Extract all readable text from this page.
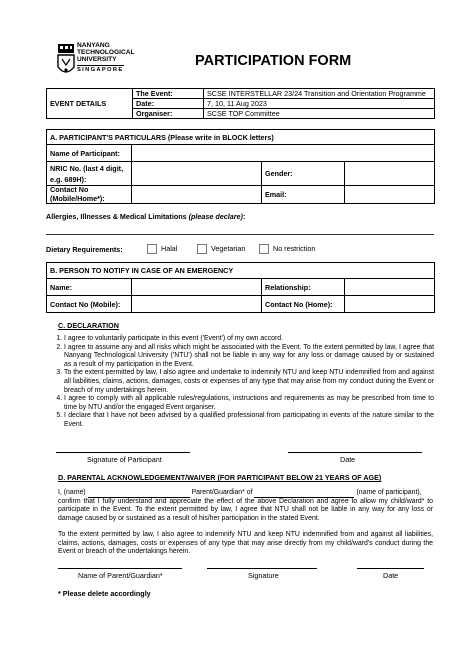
NANYANG
TECHNOLOGICAL
UNIVERSITY
SINGAPORE
PARTICIPATION FORM
EVENT DETAILS	The Event:	SCSE INTERSTELLAR 23/24 Transition and Orientation Programme
	Date:	7, 10, 11 Aug 2023
	Organiser:	SCSE TOP Committee
A. PARTICIPANT'S PARTICULARS (Please write in BLOCK letters)			
Name of Participant:			

NRIC No. (last 4 digit,
e.g. 689H):		Gender:	

Contact No
(Mobile/Home*):		Email:	
Allergies, Illnesses & Medical Limitations (please declare):
Dietary Requirements:	Halal	Vegetarian	No restriction
B. PERSON TO NOTIFY IN CASE OF AN EMERGENCY			
Name:		Relationship:	
Contact No (Mobile):		Contact No (Home):	
C. DECLARATION
1. I agree to voluntarily participate in this event ('Event') of my own accord.
2. I agree to assume any and all risks which might be associated with the Event. To the extent permitted by law, I agree that Nanyang Technological University ('NTU') shall not be liable in any way for any loss or damage caused by or sustained as a result of my participation in the Event.
3. To the extent permitted by law, I also agree and undertake to indemnify NTU and keep NTU indemnified from and against all liabilities, claims, actions, damages, costs or expenses of any type that may arise from my conduct during the Event or breach of my undertakings herein.
4. I agree to comply with all applicable rules/regulations, instructions and requirements as may be prescribed from time to time by NTU and/or the engaged Event organiser.
5. I declare that I have not been advised by a qualified professional from participating in events of the nature similar to the Event.
Signature of Participant	Date
D. PARENTAL ACKNOWLEDGEMENT/WAIVER (FOR PARTICIPANT BELOW 21 YEARS OF AGE)
I, (name)	Parent/Guardian* of	(name of participant),
confirm that I fully understand and appreciate the effect of the above Declaration and agree to allow my child/ward* to participate in the Event. To the extent permitted by law, I agree that NTU shall not be liable in any way for any loss or damage caused by or sustained as a result of his/her participation in the stated Event.
To the extent permitted by law, I also agree to indemnify NTU and keep NTU indemnified from and against all liabilities, claims, actions, damages, costs or expenses of any type that may arise directly from my child/ward's conduct during the Event or breach of the undertakings herein.
Name of Parent/Guardian*	Signature	Date
* Please delete accordingly
